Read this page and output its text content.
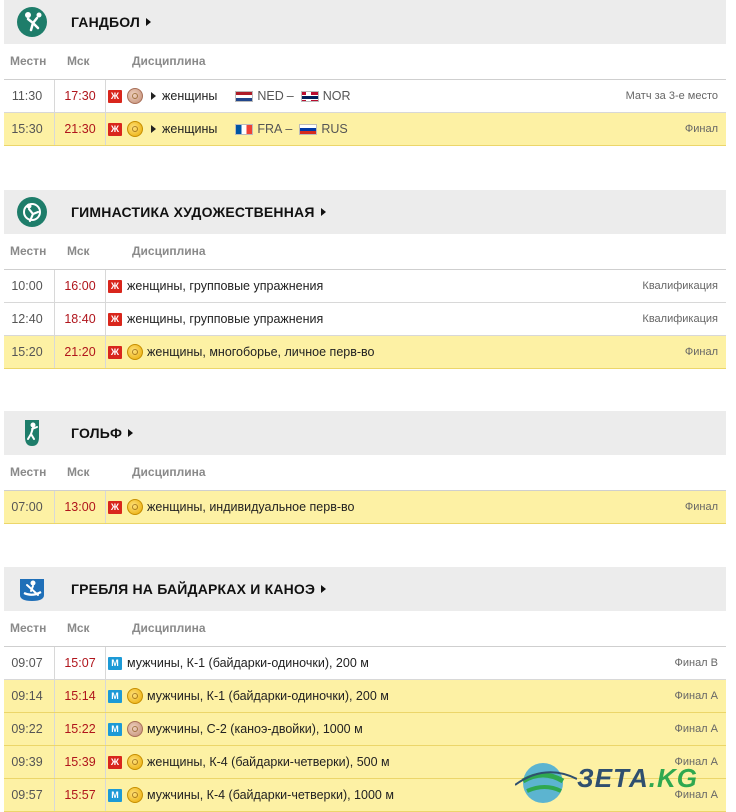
ГАНДБОЛ
Местн Мск	Дисциплина
11:30	17:30	Ж	женщины	NED – NOR	Матч за 3-е место
15:30	21:30	Ж	женщины	FRA – RUS	Финал
ГИМНАСТИКА ХУДОЖЕСТВЕННАЯ
Местн Мск	Дисциплина
10:00	16:00	Ж женщины, групповые упражнения	Квалификация
12:40	18:40	Ж женщины, групповые упражнения	Квалификация
15:20	21:20	Ж женщины, многоборье, личное перв-во	Финал
ГОЛЬФ
Местн Мск	Дисциплина
07:00	13:00	Ж женщины, индивидуальное перв-во	Финал
ГРЕБЛЯ НА БАЙДАРКАХ И КАНОЭ
Местн Мск	Дисциплина
09:07	15:07	М мужчины, К-1 (байдарки-одиночки), 200 м	Финал B
09:14	15:14	М мужчины, К-1 (байдарки-одиночки), 200 м	Финал A
09:22	15:22	М мужчины, С-2 (каноэ-двойки), 1000 м	Финал A
09:39	15:39	Ж женщины, К-4 (байдарки-четверки), 500 м	Финал A
09:57	15:57	М мужчины, К-4 (байдарки-четверки), 1000 м	Финал A
ЗЕТА.KG
